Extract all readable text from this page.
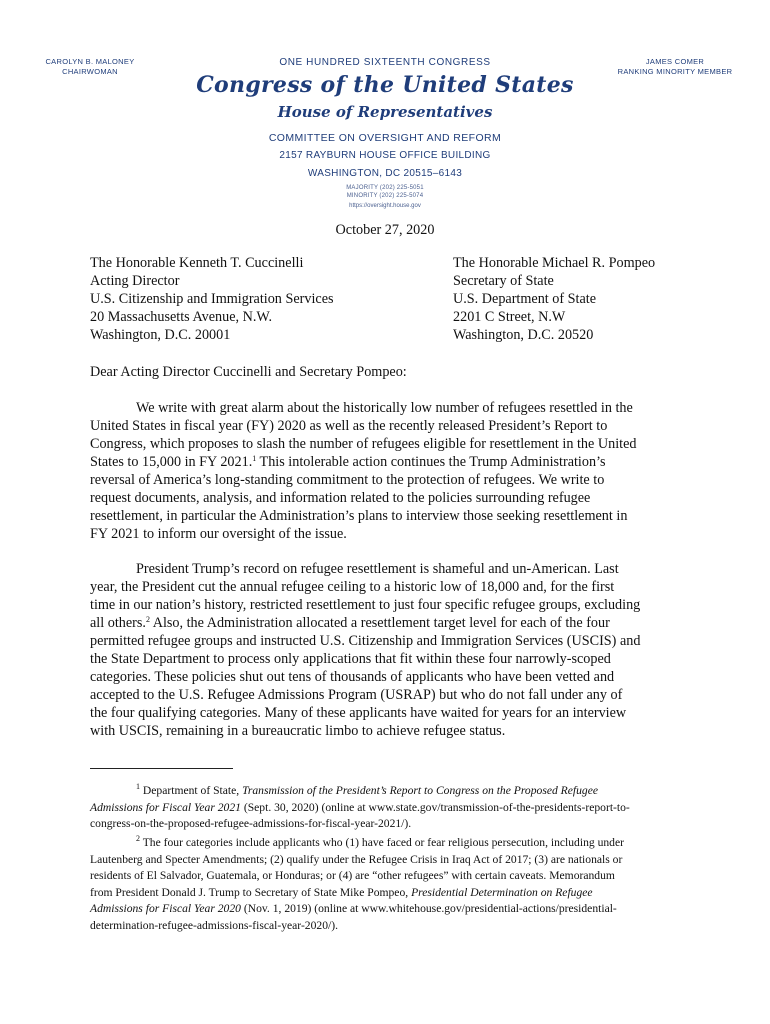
CAROLYN B. MALONEY
CHAIRWOMAN
JAMES COMER
RANKING MINORITY MEMBER
ONE HUNDRED SIXTEENTH CONGRESS
Congress of the United States
House of Representatives
COMMITTEE ON OVERSIGHT AND REFORM
2157 RAYBURN HOUSE OFFICE BUILDING
WASHINGTON, DC 20515–6143
MAJORITY (202) 225-5051
MINORITY (202) 225-5074
https://oversight.house.gov
October 27, 2020
The Honorable Kenneth T. Cuccinelli
Acting Director
U.S. Citizenship and Immigration Services
20 Massachusetts Avenue, N.W.
Washington, D.C. 20001
The Honorable Michael R. Pompeo
Secretary of State
U.S. Department of State
2201 C Street, N.W
Washington, D.C. 20520
Dear Acting Director Cuccinelli and Secretary Pompeo:
We write with great alarm about the historically low number of refugees resettled in the
United States in fiscal year (FY) 2020 as well as the recently released President’s Report to
Congress, which proposes to slash the number of refugees eligible for resettlement in the United
States to 15,000 in FY 2021.$^1$ This intolerable action continues the Trump Administration’s
reversal of America’s long-standing commitment to the protection of refugees. We write to
request documents, analysis, and information related to the policies surrounding refugee
resettlement, in particular the Administration’s plans to interview those seeking resettlement in
FY 2021 to inform our oversight of the issue.
President Trump’s record on refugee resettlement is shameful and un-American. Last
year, the President cut the annual refugee ceiling to a historic low of 18,000 and, for the first
time in our nation’s history, restricted resettlement to just four specific refugee groups, excluding
all others.$^2$ Also, the Administration allocated a resettlement target level for each of the four
permitted refugee groups and instructed U.S. Citizenship and Immigration Services (USCIS) and
the State Department to process only applications that fit within these four narrowly-scoped
categories. These policies shut out tens of thousands of applicants who have been vetted and
accepted to the U.S. Refugee Admissions Program (USRAP) but who do not fall under any of
the four qualifying categories. Many of these applicants have waited for years for an interview
with USCIS, remaining in a bureaucratic limbo to achieve refugee status.
$^1$ Department of State, Transmission of the President’s Report to Congress on the Proposed Refugee
Admissions for Fiscal Year 2021 (Sept. 30, 2020) (online at www.state.gov/transmission-of-the-presidents-report-to-
congress-on-the-proposed-refugee-admissions-for-fiscal-year-2021/).
$^2$ The four categories include applicants who (1) have faced or fear religious persecution, including under
Lautenberg and Specter Amendments; (2) qualify under the Refugee Crisis in Iraq Act of 2017; (3) are nationals or
residents of El Salvador, Guatemala, or Honduras; or (4) are “other refugees” with certain caveats. Memorandum
from President Donald J. Trump to Secretary of State Mike Pompeo, Presidential Determination on Refugee
Admissions for Fiscal Year 2020 (Nov. 1, 2019) (online at www.whitehouse.gov/presidential-actions/presidential-
determination-refugee-admissions-fiscal-year-2020/).
